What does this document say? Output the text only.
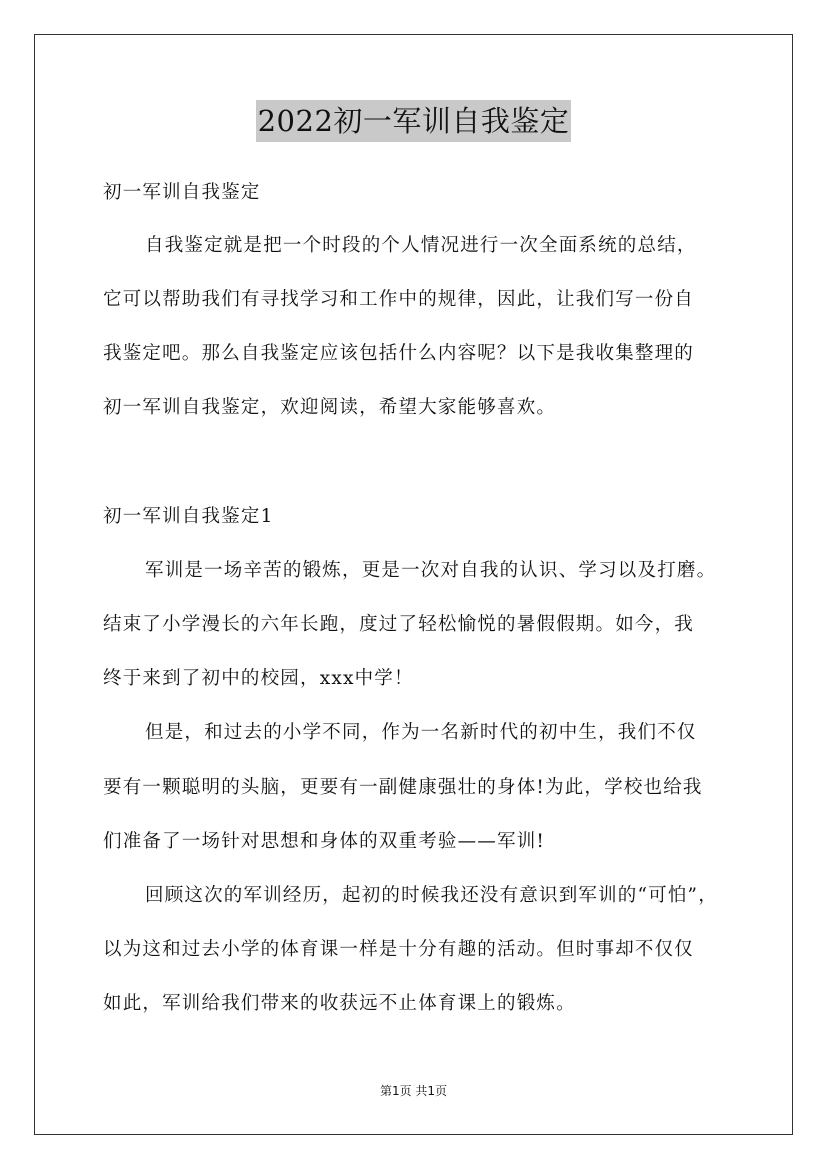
2022初一军训自我鉴定
初一军训自我鉴定
自我鉴定就是把一个时段的个人情况进行一次全面系统的总结，
它可以帮助我们有寻找学习和工作中的规律，因此，让我们写一份自
我鉴定吧。那么自我鉴定应该包括什么内容呢？以下是我收集整理的
初一军训自我鉴定，欢迎阅读，希望大家能够喜欢。
初一军训自我鉴定1
军训是一场辛苦的锻炼，更是一次对自我的认识、学习以及打磨。
结束了小学漫长的六年长跑，度过了轻松愉悦的暑假假期。如今，我
终于来到了初中的校园，xxx中学！
但是，和过去的小学不同，作为一名新时代的初中生，我们不仅
要有一颗聪明的头脑，更要有一副健康强壮的身体!为此，学校也给我
们准备了一场针对思想和身体的双重考验——军训!
回顾这次的军训经历，起初的时候我还没有意识到军训的“可怕”，
以为这和过去小学的体育课一样是十分有趣的活动。但时事却不仅仅
如此，军训给我们带来的收获远不止体育课上的锻炼。
第1页 共1页
